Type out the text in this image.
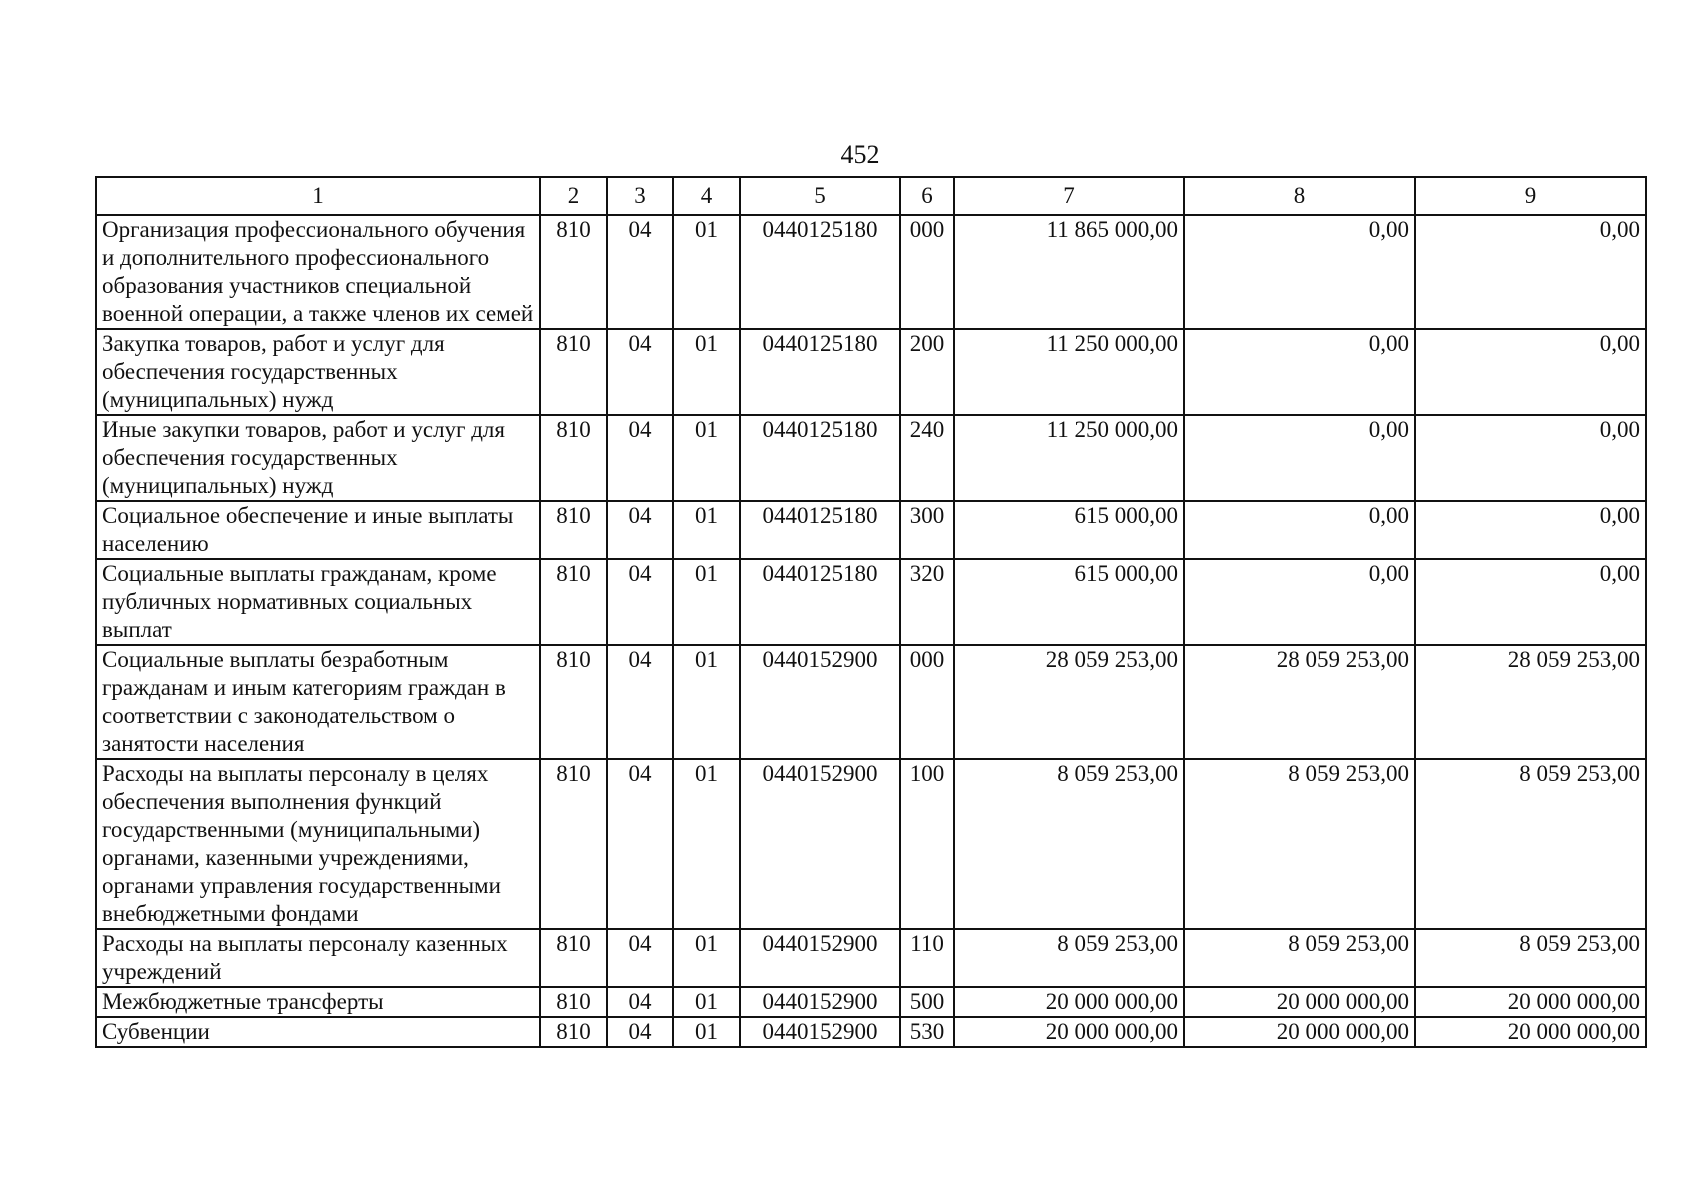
452
1	2	3	4	5	6	7	8	9
Организация профессионального обучения и дополнительного профессионального образования участников специальной военной операции, а также членов их семей	810	04	01	0440125180	000	11 865 000,00	0,00	0,00
Закупка товаров, работ и услуг для обеспечения государственных (муниципальных) нужд	810	04	01	0440125180	200	11 250 000,00	0,00	0,00
Иные закупки товаров, работ и услуг для обеспечения государственных (муниципальных) нужд	810	04	01	0440125180	240	11 250 000,00	0,00	0,00
Социальное обеспечение и иные выплаты населению	810	04	01	0440125180	300	615 000,00	0,00	0,00
Социальные выплаты гражданам, кроме публичных нормативных социальных выплат	810	04	01	0440125180	320	615 000,00	0,00	0,00
Социальные выплаты безработным гражданам и иным категориям граждан в соответствии с законодательством о занятости населения	810	04	01	0440152900	000	28 059 253,00	28 059 253,00	28 059 253,00
Расходы на выплаты персоналу в целях обеспечения выполнения функций государственными (муниципальными) органами, казенными учреждениями, органами управления государственными внебюджетными фондами	810	04	01	0440152900	100	8 059 253,00	8 059 253,00	8 059 253,00
Расходы на выплаты персоналу казенных учреждений	810	04	01	0440152900	110	8 059 253,00	8 059 253,00	8 059 253,00
Межбюджетные трансферты	810	04	01	0440152900	500	20 000 000,00	20 000 000,00	20 000 000,00
Субвенции	810	04	01	0440152900	530	20 000 000,00	20 000 000,00	20 000 000,00
